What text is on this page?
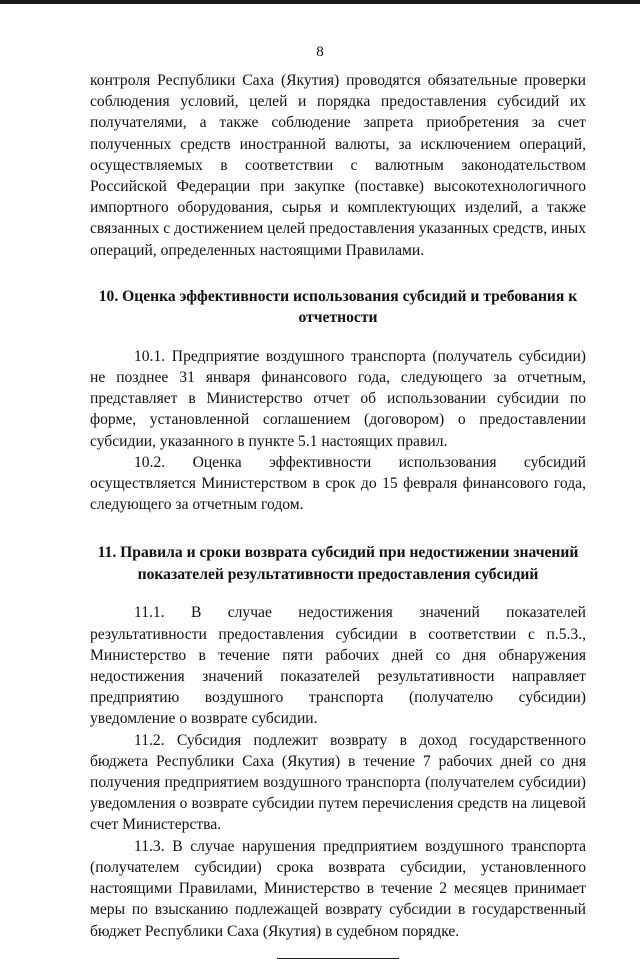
8

контроля Республики Саха (Якутия) проводятся обязательные проверки соблюдения условий, целей и порядка предоставления субсидий их получателями, а также соблюдение запрета приобретения за счет полученных средств иностранной валюты, за исключением операций, осуществляемых в соответствии с валютным законодательством Российской Федерации при закупке (поставке) высокотехнологичного импортного оборудования, сырья и комплектующих изделий, а также связанных с достижением целей предоставления указанных средств, иных операций, определенных настоящими Правилами.

10. Оценка эффективности использования субсидий и требования к отчетности

10.1. Предприятие воздушного транспорта (получатель субсидии) не позднее 31 января финансового года, следующего за отчетным, представляет в Министерство отчет об использовании субсидии по форме, установленной соглашением (договором) о предоставлении субсидии, указанного в пункте 5.1 настоящих правил.

10.2. Оценка эффективности использования субсидий осуществляется Министерством в срок до 15 февраля финансового года, следующего за отчетным годом.

11. Правила и сроки возврата субсидий при недостижении значений показателей результативности предоставления субсидий

11.1. В случае недостижения значений показателей результативности предоставления субсидии в соответствии с п.5.3., Министерство в течение пяти рабочих дней со дня обнаружения недостижения значений показателей результативности направляет предприятию воздушного транспорта (получателю субсидии) уведомление о возврате субсидии.

11.2. Субсидия подлежит возврату в доход государственного бюджета Республики Саха (Якутия) в течение 7 рабочих дней со дня получения предприятием воздушного транспорта (получателем субсидии) уведомления о возврате субсидии путем перечисления средств на лицевой счет Министерства.

11.3. В случае нарушения предприятием воздушного транспорта (получателем субсидии) срока возврата субсидии, установленного настоящими Правилами, Министерство в течение 2 месяцев принимает меры по взысканию подлежащей возврату субсидии в государственный бюджет Республики Саха (Якутия) в судебном порядке.
